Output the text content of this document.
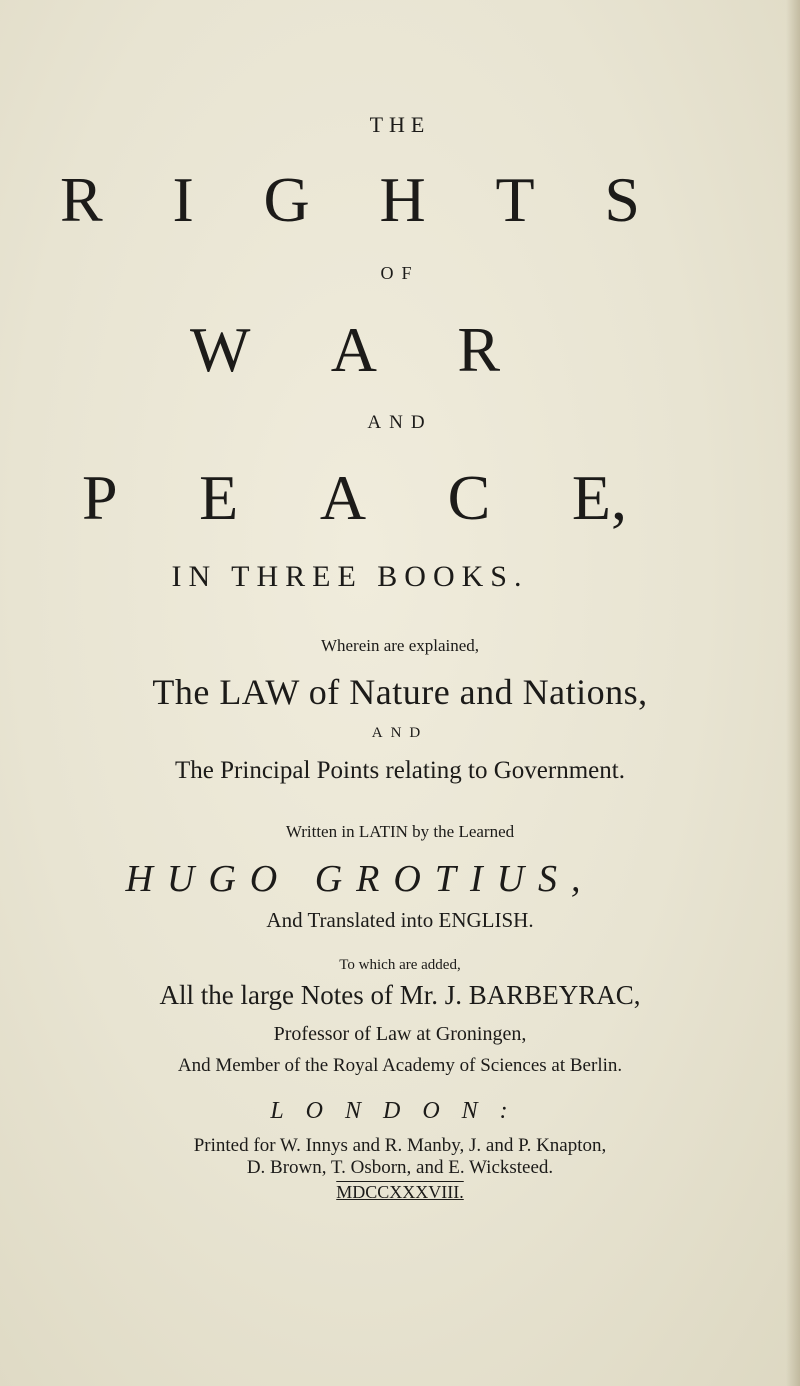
THE
R I G H T S
OF
W A R
AND
P E A C E,
IN THREE BOOKS.
Wherein are explained,
The LAW of Nature and Nations,
AND
The Principal Points relating to Government.
Written in LATIN by the Learned
HUGO GROTIUS,
And Translated into ENGLISH.
To which are added,
All the large Notes of Mr. J. BARBEYRAC,
Professor of Law at Groningen,
And Member of the Royal Academy of Sciences at Berlin.
LONDON:
Printed for W. Innys and R. Manby, J. and P. Knapton,
D. Brown, T. Osborn, and E. Wicksteed.
MDCCXXXVIII.
